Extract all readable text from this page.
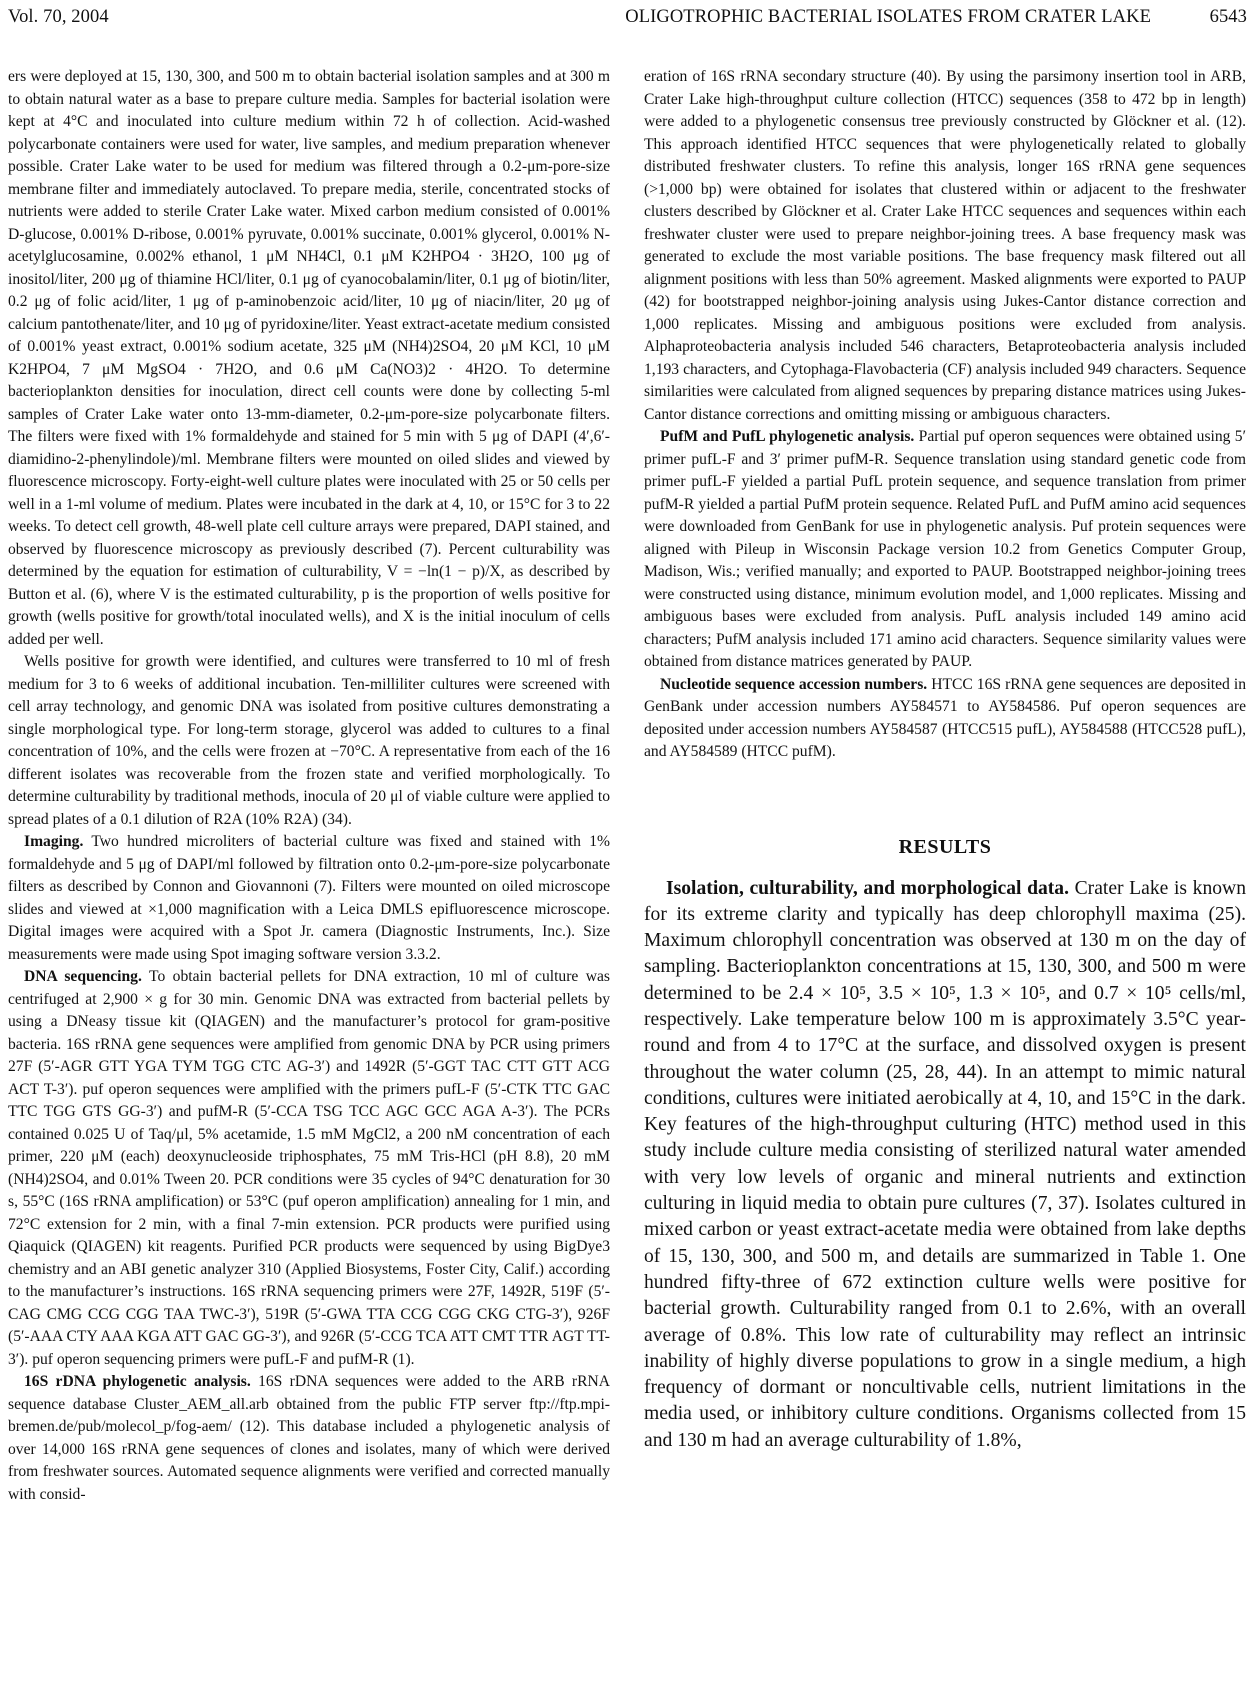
Vol. 70, 2004	OLIGOTROPHIC BACTERIAL ISOLATES FROM CRATER LAKE	6543

ers were deployed at 15, 130, 300, and 500 m to obtain bacterial isolation samples and at 300 m to obtain natural water as a base to prepare culture media. Samples for bacterial isolation were kept at 4°C and inoculated into culture medium within 72 h of collection. Acid-washed polycarbonate containers were used for water, live samples, and medium preparation whenever possible. Crater Lake water to be used for medium was filtered through a 0.2-μm-pore-size membrane filter and immediately autoclaved. To prepare media, sterile, concentrated stocks of nutrients were added to sterile Crater Lake water. Mixed carbon medium consisted of 0.001% D-glucose, 0.001% D-ribose, 0.001% pyruvate, 0.001% succinate, 0.001% glycerol, 0.001% N-acetylglucosamine, 0.002% ethanol, 1 μM NH4Cl, 0.1 μM K2HPO4 · 3H2O, 100 μg of inositol/liter, 200 μg of thiamine HCl/liter, 0.1 μg of cyanocobalamin/liter, 0.1 μg of biotin/liter, 0.2 μg of folic acid/liter, 1 μg of p-aminobenzoic acid/liter, 10 μg of niacin/liter, 20 μg of calcium pantothenate/liter, and 10 μg of pyridoxine/liter. Yeast extract-acetate medium consisted of 0.001% yeast extract, 0.001% sodium acetate, 325 μM (NH4)2SO4, 20 μM KCl, 10 μM K2HPO4, 7 μM MgSO4 · 7H2O, and 0.6 μM Ca(NO3)2 · 4H2O. To determine bacterioplankton densities for inoculation, direct cell counts were done by collecting 5-ml samples of Crater Lake water onto 13-mm-diameter, 0.2-μm-pore-size polycarbonate filters. The filters were fixed with 1% formaldehyde and stained for 5 min with 5 μg of DAPI (4′,6′-diamidino-2-phenylindole)/ml. Membrane filters were mounted on oiled slides and viewed by fluorescence microscopy. Forty-eight-well culture plates were inoculated with 25 or 50 cells per well in a 1-ml volume of medium. Plates were incubated in the dark at 4, 10, or 15°C for 3 to 22 weeks. To detect cell growth, 48-well plate cell culture arrays were prepared, DAPI stained, and observed by fluorescence microscopy as previously described (7). Percent culturability was determined by the equation for estimation of culturability, V = −ln(1 − p)/X, as described by Button et al. (6), where V is the estimated culturability, p is the proportion of wells positive for growth (wells positive for growth/total inoculated wells), and X is the initial inoculum of cells added per well.

Wells positive for growth were identified, and cultures were transferred to 10 ml of fresh medium for 3 to 6 weeks of additional incubation. Ten-milliliter cultures were screened with cell array technology, and genomic DNA was isolated from positive cultures demonstrating a single morphological type. For long-term storage, glycerol was added to cultures to a final concentration of 10%, and the cells were frozen at −70°C. A representative from each of the 16 different isolates was recoverable from the frozen state and verified morphologically. To determine culturability by traditional methods, inocula of 20 μl of viable culture were applied to spread plates of a 0.1 dilution of R2A (10% R2A) (34).

Imaging. Two hundred microliters of bacterial culture was fixed and stained with 1% formaldehyde and 5 μg of DAPI/ml followed by filtration onto 0.2-μm-pore-size polycarbonate filters as described by Connon and Giovannoni (7). Filters were mounted on oiled microscope slides and viewed at ×1,000 magnification with a Leica DMLS epifluorescence microscope. Digital images were acquired with a Spot Jr. camera (Diagnostic Instruments, Inc.). Size measurements were made using Spot imaging software version 3.3.2.

DNA sequencing. To obtain bacterial pellets for DNA extraction, 10 ml of culture was centrifuged at 2,900 × g for 30 min. Genomic DNA was extracted from bacterial pellets by using a DNeasy tissue kit (QIAGEN) and the manufacturer’s protocol for gram-positive bacteria. 16S rRNA gene sequences were amplified from genomic DNA by PCR using primers 27F (5′-AGR GTT YGA TYM TGG CTC AG-3′) and 1492R (5′-GGT TAC CTT GTT ACG ACT T-3′). puf operon sequences were amplified with the primers pufL-F (5′-CTK TTC GAC TTC TGG GTS GG-3′) and pufM-R (5′-CCA TSG TCC AGC GCC AGA A-3′). The PCRs contained 0.025 U of Taq/μl, 5% acetamide, 1.5 mM MgCl2, a 200 nM concentration of each primer, 220 μM (each) deoxynucleoside triphosphates, 75 mM Tris-HCl (pH 8.8), 20 mM (NH4)2SO4, and 0.01% Tween 20. PCR conditions were 35 cycles of 94°C denaturation for 30 s, 55°C (16S rRNA amplification) or 53°C (puf operon amplification) annealing for 1 min, and 72°C extension for 2 min, with a final 7-min extension. PCR products were purified using Qiaquick (QIAGEN) kit reagents. Purified PCR products were sequenced by using BigDye3 chemistry and an ABI genetic analyzer 310 (Applied Biosystems, Foster City, Calif.) according to the manufacturer’s instructions. 16S rRNA sequencing primers were 27F, 1492R, 519F (5′-CAG CMG CCG CGG TAA TWC-3′), 519R (5′-GWA TTA CCG CGG CKG CTG-3′), 926F (5′-AAA CTY AAA KGA ATT GAC GG-3′), and 926R (5′-CCG TCA ATT CMT TTR AGT TT-3′). puf operon sequencing primers were pufL-F and pufM-R (1).

16S rDNA phylogenetic analysis. 16S rDNA sequences were added to the ARB rRNA sequence database Cluster_AEM_all.arb obtained from the public FTP server ftp://ftp.mpi-bremen.de/pub/molecol_p/fog-aem/ (12). This database included a phylogenetic analysis of over 14,000 16S rRNA gene sequences of clones and isolates, many of which were derived from freshwater sources. Automated sequence alignments were verified and corrected manually with consid-

eration of 16S rRNA secondary structure (40). By using the parsimony insertion tool in ARB, Crater Lake high-throughput culture collection (HTCC) sequences (358 to 472 bp in length) were added to a phylogenetic consensus tree previously constructed by Glöckner et al. (12). This approach identified HTCC sequences that were phylogenetically related to globally distributed freshwater clusters. To refine this analysis, longer 16S rRNA gene sequences (>1,000 bp) were obtained for isolates that clustered within or adjacent to the freshwater clusters described by Glöckner et al. Crater Lake HTCC sequences and sequences within each freshwater cluster were used to prepare neighbor-joining trees. A base frequency mask was generated to exclude the most variable positions. The base frequency mask filtered out all alignment positions with less than 50% agreement. Masked alignments were exported to PAUP (42) for bootstrapped neighbor-joining analysis using Jukes-Cantor distance correction and 1,000 replicates. Missing and ambiguous positions were excluded from analysis. Alphaproteobacteria analysis included 546 characters, Betaproteobacteria analysis included 1,193 characters, and Cytophaga-Flavobacteria (CF) analysis included 949 characters. Sequence similarities were calculated from aligned sequences by preparing distance matrices using Jukes-Cantor distance corrections and omitting missing or ambiguous characters.

PufM and PufL phylogenetic analysis. Partial puf operon sequences were obtained using 5′ primer pufL-F and 3′ primer pufM-R. Sequence translation using standard genetic code from primer pufL-F yielded a partial PufL protein sequence, and sequence translation from primer pufM-R yielded a partial PufM protein sequence. Related PufL and PufM amino acid sequences were downloaded from GenBank for use in phylogenetic analysis. Puf protein sequences were aligned with Pileup in Wisconsin Package version 10.2 from Genetics Computer Group, Madison, Wis.; verified manually; and exported to PAUP. Bootstrapped neighbor-joining trees were constructed using distance, minimum evolution model, and 1,000 replicates. Missing and ambiguous bases were excluded from analysis. PufL analysis included 149 amino acid characters; PufM analysis included 171 amino acid characters. Sequence similarity values were obtained from distance matrices generated by PAUP.

Nucleotide sequence accession numbers. HTCC 16S rRNA gene sequences are deposited in GenBank under accession numbers AY584571 to AY584586. Puf operon sequences are deposited under accession numbers AY584587 (HTCC515 pufL), AY584588 (HTCC528 pufL), and AY584589 (HTCC pufM).

RESULTS

Isolation, culturability, and morphological data. Crater Lake is known for its extreme clarity and typically has deep chlorophyll maxima (25). Maximum chlorophyll concentration was observed at 130 m on the day of sampling. Bacterioplankton concentrations at 15, 130, 300, and 500 m were determined to be 2.4 × 10⁵, 3.5 × 10⁵, 1.3 × 10⁵, and 0.7 × 10⁵ cells/ml, respectively. Lake temperature below 100 m is approximately 3.5°C year-round and from 4 to 17°C at the surface, and dissolved oxygen is present throughout the water column (25, 28, 44). In an attempt to mimic natural conditions, cultures were initiated aerobically at 4, 10, and 15°C in the dark. Key features of the high-throughput culturing (HTC) method used in this study include culture media consisting of sterilized natural water amended with very low levels of organic and mineral nutrients and extinction culturing in liquid media to obtain pure cultures (7, 37). Isolates cultured in mixed carbon or yeast extract-acetate media were obtained from lake depths of 15, 130, 300, and 500 m, and details are summarized in Table 1. One hundred fifty-three of 672 extinction culture wells were positive for bacterial growth. Culturability ranged from 0.1 to 2.6%, with an overall average of 0.8%. This low rate of culturability may reflect an intrinsic inability of highly diverse populations to grow in a single medium, a high frequency of dormant or noncultivable cells, nutrient limitations in the media used, or inhibitory culture conditions. Organisms collected from 15 and 130 m had an average culturability of 1.8%,
